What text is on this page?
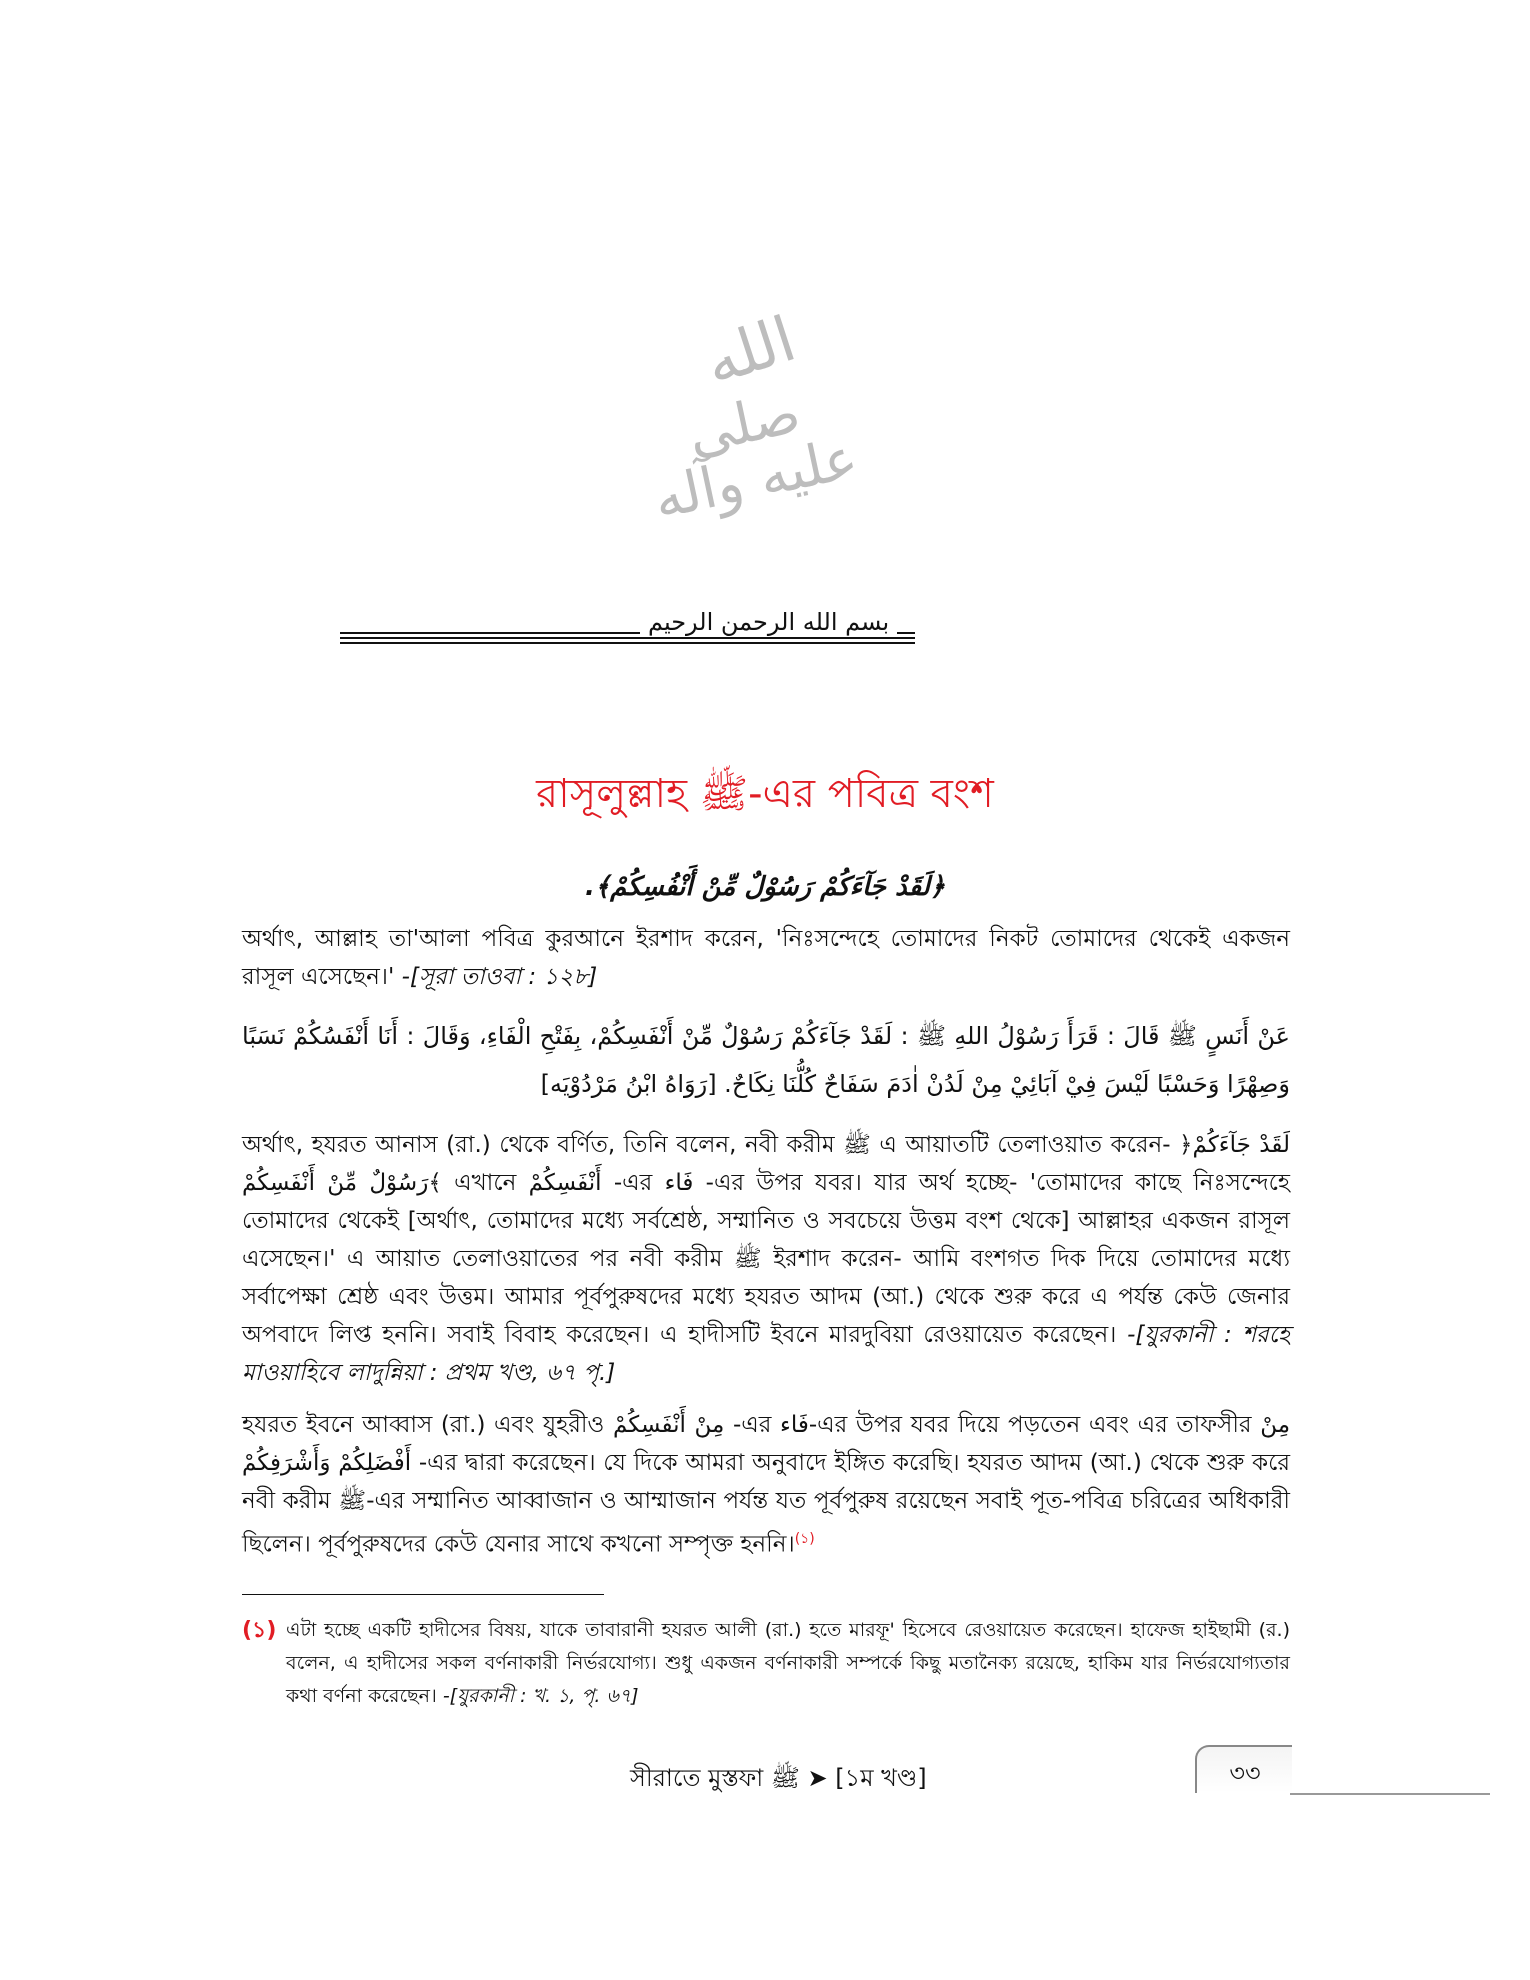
الله
صلى عليه وآله
بسم الله الرحمن الرحيم
রাসূলুল্লাহ ﷺ-এর পবিত্র বংশ
﴿لَقَدْ جَآءَكُمْ رَسُوْلٌ مِّنْ أَنْفُسِكُمْ﴾.
অর্থাৎ, আল্লাহ তা'আলা পবিত্র কুরআনে ইরশাদ করেন, 'নিঃসন্দেহে তোমাদের নিকট তোমাদের থেকেই একজন রাসূল এসেছেন।' -[সূরা তাওবা : ১২৮]
عَنْ أَنَسٍ ﷺ قَالَ : قَرَأَ رَسُوْلُ اللهِ ﷺ : لَقَدْ جَآءَكُمْ رَسُوْلٌ مِّنْ أَنْفَسِكُمْ، بِفَتْحِ الْفَاءِ، وَقَالَ : أَنَا أَنْفَسُكُمْ نَسَبًا وَصِهْرًا وَحَسْبًا لَيْسَ فِيْ آبَائِيْ مِنْ لَدُنْ اٰدَمَ سَفَاحٌ كُلُّنَا نِكَاحٌ. [رَوَاهُ ابْنُ مَرْدُوْيَه]
অর্থাৎ, হযরত আনাস (রা.) থেকে বর্ণিত, তিনি বলেন, নবী করীম ﷺ এ আয়াতটি তেলাওয়াত করেন- ﴿لَقَدْ جَآءَكُمْ رَسُوْلٌ مِّنْ أَنْفَسِكُمْ﴾ এখানে أَنْفَسِكُمْ -এর فَاء -এর উপর যবর। যার অর্থ হচ্ছে- 'তোমাদের কাছে নিঃসন্দেহে তোমাদের থেকেই [অর্থাৎ, তোমাদের মধ্যে সর্বশ্রেষ্ঠ, সম্মানিত ও সবচেয়ে উত্তম বংশ থেকে] আল্লাহর একজন রাসূল এসেছেন।' এ আয়াত তেলাওয়াতের পর নবী করীম ﷺ ইরশাদ করেন- আমি বংশগত দিক দিয়ে তোমাদের মধ্যে সর্বাপেক্ষা শ্রেষ্ঠ এবং উত্তম। আমার পূর্বপুরুষদের মধ্যে হযরত আদম (আ.) থেকে শুরু করে এ পর্যন্ত কেউ জেনার অপবাদে লিপ্ত হননি। সবাই বিবাহ করেছেন। এ হাদীসটি ইবনে মারদুবিয়া রেওয়ায়েত করেছেন। -[যুরকানী : শরহে মাওয়াহিবে লাদুন্নিয়া : প্রথম খণ্ড, ৬৭ পৃ.]
হযরত ইবনে আব্বাস (রা.) এবং যুহরীও مِنْ أَنْفَسِكُمْ -এর فَاء-এর উপর যবর দিয়ে পড়তেন এবং এর তাফসীর مِنْ أَفْضَلِكُمْ وَأَشْرَفِكُمْ -এর দ্বারা করেছেন। যে দিকে আমরা অনুবাদে ইঙ্গিত করেছি। হযরত আদম (আ.) থেকে শুরু করে নবী করীম ﷺ-এর সম্মানিত আব্বাজান ও আম্মাজান পর্যন্ত যত পূর্বপুরুষ রয়েছেন সবাই পূত-পবিত্র চরিত্রের অধিকারী ছিলেন। পূর্বপুরুষদের কেউ যেনার সাথে কখনো সম্পৃক্ত হননি।$^{(১)}$
(১) এটা হচ্ছে একটি হাদীসের বিষয়, যাকে তাবারানী হযরত আলী (রা.) হতে মারফূ' হিসেবে রেওয়ায়েত করেছেন। হাফেজ হাইছামী (র.) বলেন, এ হাদীসের সকল বর্ণনাকারী নির্ভরযোগ্য। শুধু একজন বর্ণনাকারী সম্পর্কে কিছু মতানৈক্য রয়েছে, হাকিম যার নির্ভরযোগ্যতার কথা বর্ণনা করেছেন। -[যুরকানী : খ. ১, পৃ. ৬৭]
সীরাতে মুস্তফা ﷺ ➤ [১ম খণ্ড]	৩৩
